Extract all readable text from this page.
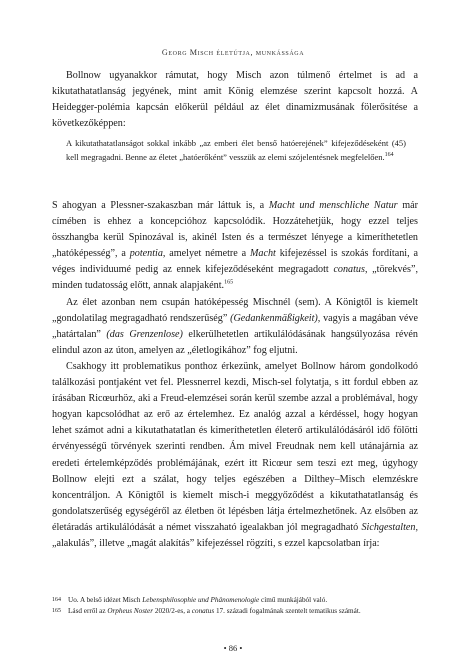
Georg Misch életútja, munkássága

Bollnow ugyanakkor rámutat, hogy Misch azon túlmenő értelmet is ad a kikutathatatlanság jegyének, mint amit König elemzése szerint kapcsolt hozzá. A Heidegger-polémia kapcsán előkerül például az élet dinamizmusának fölerősítése a következőképpen:

A kikutathatatlanságot sokkal inkább „az emberi élet benső hatóerejének” kifejeződéseként (45) kell megragadni. Benne az életet „hatóerőként” vesszük az elemi szójelentésnek megfelelően.$^{164}$

S ahogyan a Plessner-szakaszban már láttuk is, a Macht und menschliche Natur már címében is ehhez a koncepcióhoz kapcsolódik. Hozzátehetjük, hogy ezzel teljes összhangba kerül Spinozával is, akinél Isten és a természet lényege a kimeríthetetlen „hatóképesség”, a potentia, amelyet németre a Macht kifejezéssel is szokás fordítani, a véges individuumé pedig az ennek kifejeződéseként megragadott conatus, „törekvés”, minden tudatosság előtt, annak alapjaként.$^{165}$

Az élet azonban nem csupán hatóképesség Mischnél (sem). A Königtől is kiemelt „gondolatilag megragadható rendszerűség” (Gedankenmäßigkeit), vagyis a magában véve „határtalan” (das Grenzenlose) elkerülhetetlen artikulálódásának hangsúlyozása révén elindul azon az úton, amelyen az „életlogikához” fog eljutni.

Csakhogy itt problematikus ponthoz érkezünk, amelyet Bollnow három gondolkodó találkozási pontjaként vet fel. Plessnerrel kezdi, Misch-sel folytatja, s itt fordul ebben az írásában Ricœurhöz, aki a Freud-elemzései során kerül szembe azzal a problémával, hogy hogyan kapcsolódhat az erő az értelemhez. Ez analóg azzal a kérdéssel, hogy hogyan lehet számot adni a kikutathatatlan és kimeríthetetlen életerő artikulálódásáról idő fölötti érvényességű törvények szerinti rendben. Ám mivel Freudnak nem kell utánajárnia az eredeti értelemképződés problémájának, ezért itt Ricœur sem teszi ezt meg, úgyhogy Bollnow elejti ezt a szálat, hogy teljes egészében a Dilthey–Misch elemzéskre koncentráljon. A Königtől is kiemelt misch-i meggyőződést a kikutathatatlanság és gondolatszerűség egységéről az életben öt lépésben látja értelmezhetőnek. Az elsőben az életáradás artikulálódását a német visszaható igealakban jól megragadható Sichgestalten, „alakulás”, illetve „magát alakítás” kifejezéssel rögzíti, s ezzel kapcsolatban írja:

164 Uo. A belső idézet Misch Lebensphilosophie und Phänomenologie című munkájából való.
165 Lásd erről az Orpheus Noster 2020/2-es, a conatus 17. századi fogalmának szentelt tematikus számát.
• 86 •
